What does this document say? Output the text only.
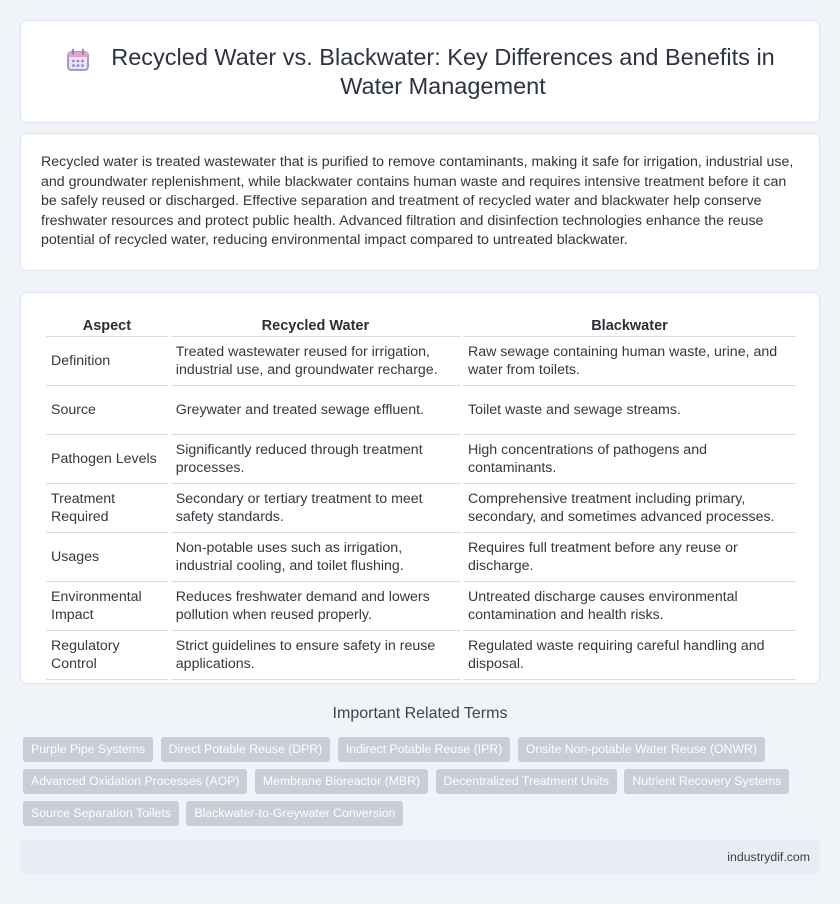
Recycled Water vs. Blackwater: Key Differences and Benefits in Water Management

Recycled water is treated wastewater that is purified to remove contaminants, making it safe for irrigation, industrial use, and groundwater replenishment, while blackwater contains human waste and requires intensive treatment before it can be safely reused or discharged. Effective separation and treatment of recycled water and blackwater help conserve freshwater resources and protect public health. Advanced filtration and disinfection technologies enhance the reuse potential of recycled water, reducing environmental impact compared to untreated blackwater.

Aspect	Recycled Water	Blackwater
Definition	Treated wastewater reused for irrigation, industrial use, and groundwater recharge.	Raw sewage containing human waste, urine, and water from toilets.
Source	Greywater and treated sewage effluent.	Toilet waste and sewage streams.
Pathogen Levels	Significantly reduced through treatment processes.	High concentrations of pathogens and contaminants.
Treatment Required	Secondary or tertiary treatment to meet safety standards.	Comprehensive treatment including primary, secondary, and sometimes advanced processes.
Usages	Non-potable uses such as irrigation, industrial cooling, and toilet flushing.	Requires full treatment before any reuse or discharge.
Environmental Impact	Reduces freshwater demand and lowers pollution when reused properly.	Untreated discharge causes environmental contamination and health risks.
Regulatory Control	Strict guidelines to ensure safety in reuse applications.	Regulated waste requiring careful handling and disposal.
Important Related Terms
Purple Pipe Systems Direct Potable Reuse (DPR) Indirect Potable Reuse (IPR) Onsite Non-potable Water Reuse (ONWR) Advanced Oxidation Processes (AOP) Membrane Bioreactor (MBR) Decentralized Treatment Units Nutrient Recovery Systems Source Separation Toilets Blackwater-to-Greywater Conversion
industrydif.com
